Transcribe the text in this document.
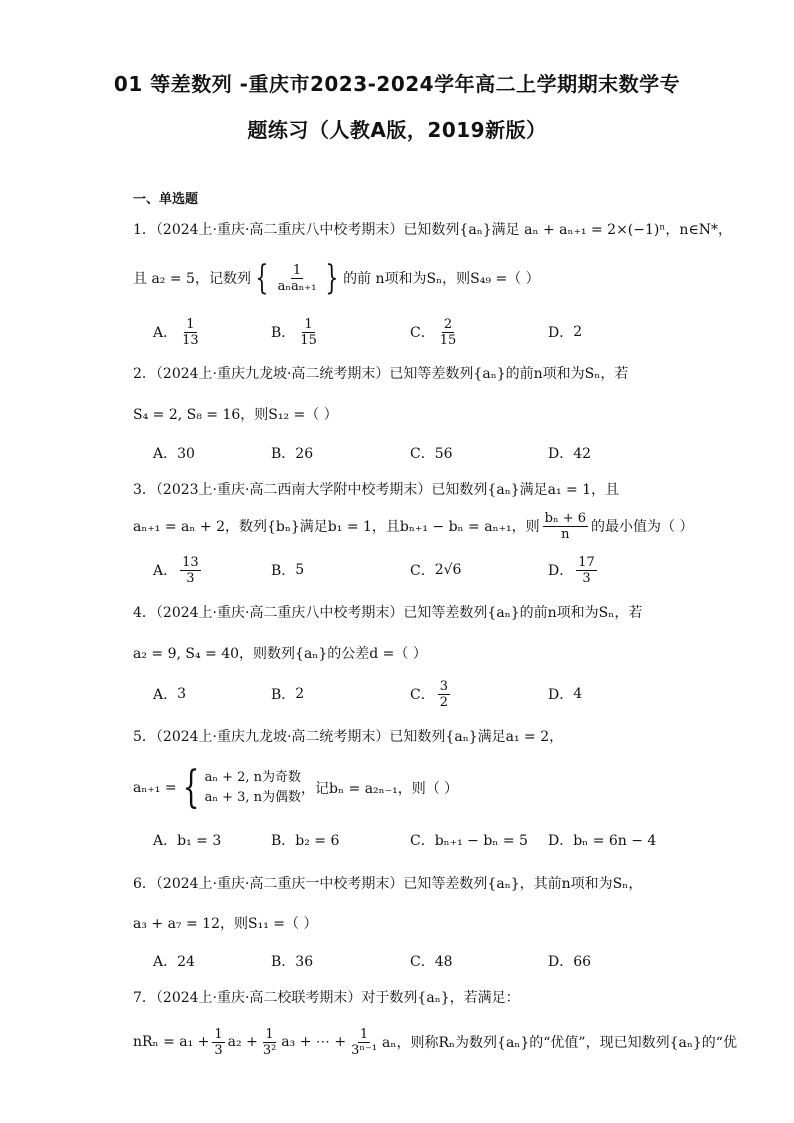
01 等差数列 -重庆市2023-2024学年高二上学期期末数学专
题练习（人教A版，2019新版）
一、单选题
1．（2024上·重庆·高二重庆八中校考期末）已知数列{aₙ}满足 aₙ + aₙ₊₁ = 2×(−1)ⁿ，n∈N*，
且 a₂ = 5，记数列 { $\frac{1}{\text{aₙaₙ₊₁}}$ } 的前 n项和为Sₙ，则S₄₉ =（ ）
A． $\frac{1}{13}$	B． $\frac{1}{15}$	C． $\frac{2}{15}$	D． 2
2．（2024上·重庆九龙坡·高二统考期末）已知等差数列{aₙ}的前n项和为Sₙ，若
S₄ = 2, S₈ = 16，则S₁₂ =（ ）
A．30	B．26	C．56	D．42
3．（2023上·重庆·高二西南大学附中校考期末）已知数列{aₙ}满足a₁ = 1，且
aₙ₊₁ = aₙ + 2，数列{bₙ}满足b₁ = 1，且bₙ₊₁ − bₙ = aₙ₊₁，则 $\frac{\text{bₙ + 6}}{n}$ 的最小值为（ ）
A． $\frac{13}{3}$	B． 5	C． 2√6	D． $\frac{17}{3}$
4．（2024上·重庆·高二重庆八中校考期末）已知等差数列{aₙ}的前n项和为Sₙ，若
a₂ = 9, S₄ = 40，则数列{aₙ}的公差d =（ ）
A． 3	B． 2	C． $\frac{3}{2}$	D． 4
5．（2024上·重庆九龙坡·高二统考期末）已知数列{aₙ}满足a₁ = 2，
aₙ₊₁ = { aₙ + 2, n为奇数
aₙ + 3, n为偶数
，记bₙ = a₂ₙ₋₁，则（ ）
A．b₁ = 3	B．b₂ = 6	C．bₙ₊₁ − bₙ = 5 D．bₙ = 6n − 4
6．（2024上·重庆·高二重庆一中校考期末）已知等差数列{aₙ}，其前n项和为Sₙ，
a₃ + a₇ = 12，则S₁₁ =（ ）
A．24	B．36	C．48	D．66
7．（2024上·重庆·高二校联考期末）对于数列{aₙ}，若满足：
$nR_n = a_1 + \frac{1}{3} a_2 + \frac{1}{\text{3²}} a_3$ + ⋯ + $\frac{1}{\text{3ⁿ⁻¹}}$ aₙ，则称Rₙ为数列{aₙ}的“优值”，现已知数列{aₙ}的“优
